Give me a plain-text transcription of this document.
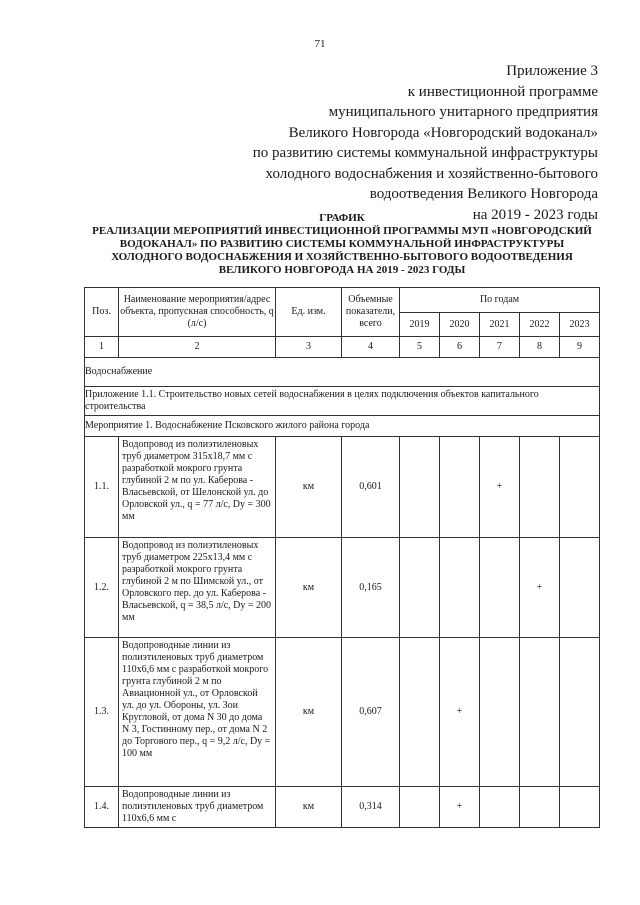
71
Приложение 3
к инвестиционной программе
муниципального унитарного предприятия
Великого Новгорода «Новгородский водоканал»
по развитию системы коммунальной инфраструктуры
холодного водоснабжения и хозяйственно-бытового
водоотведения Великого Новгорода
на 2019 - 2023 годы
ГРАФИК
РЕАЛИЗАЦИИ МЕРОПРИЯТИЙ ИНВЕСТИЦИОННОЙ ПРОГРАММЫ МУП «НОВГОРОДСКИЙ
ВОДОКАНАЛ» ПО РАЗВИТИЮ СИСТЕМЫ КОММУНАЛЬНОЙ ИНФРАСТРУКТУРЫ
ХОЛОДНОГО ВОДОСНАБЖЕНИЯ И ХОЗЯЙСТВЕННО-БЫТОВОГО ВОДООТВЕДЕНИЯ
ВЕЛИКОГО НОВГОРОДА НА 2019 - 2023 ГОДЫ
Поз.	Наименование мероприятия/адрес объекта, пропускная способность, q (л/с)	Ед. изм.	Объемные показатели, всего	По годам				
				2019	2020	2021	2022	2023
1	2	3	4	5	6	7	8	9
Водоснабжение								
Приложение 1.1. Строительство новых сетей водоснабжения в целях подключения объектов капитального строительства								
Мероприятие 1. Водоснабжение Псковского жилого района города								
1.1.	Водопровод из полиэтиленовых труб диаметром 315х18,7 мм с разработкой мокрого грунта глубиной 2 м по ул. Каберова - Власьевской, от Шелонской ул. до Орловской ул., q = 77 л/с, Dy = 300 мм	км	0,601			+		
1.2.	Водопровод из полиэтиленовых труб диаметром 225х13,4 мм с разработкой мокрого грунта глубиной 2 м по Шимской ул., от Орловского пер. до ул. Каберова - Власьевской, q = 38,5 л/с, Dy = 200 мм	км	0,165				+	
1.3.	Водопроводные линии из полиэтиленовых труб диаметром 110х6,6 мм с разработкой мокрого грунта глубиной 2 м по Авиационной ул., от Орловской ул. до ул. Обороны, ул. Зои Кругловой, от дома N 30 до дома N 3, Гостинному пер., от дома N 2 до Торгового пер., q = 9,2 л/с, Dy = 100 мм	км	0,607		+			
1.4.	Водопроводные линии из полиэтиленовых труб диаметром 110х6,6 мм с	км	0,314		+			
